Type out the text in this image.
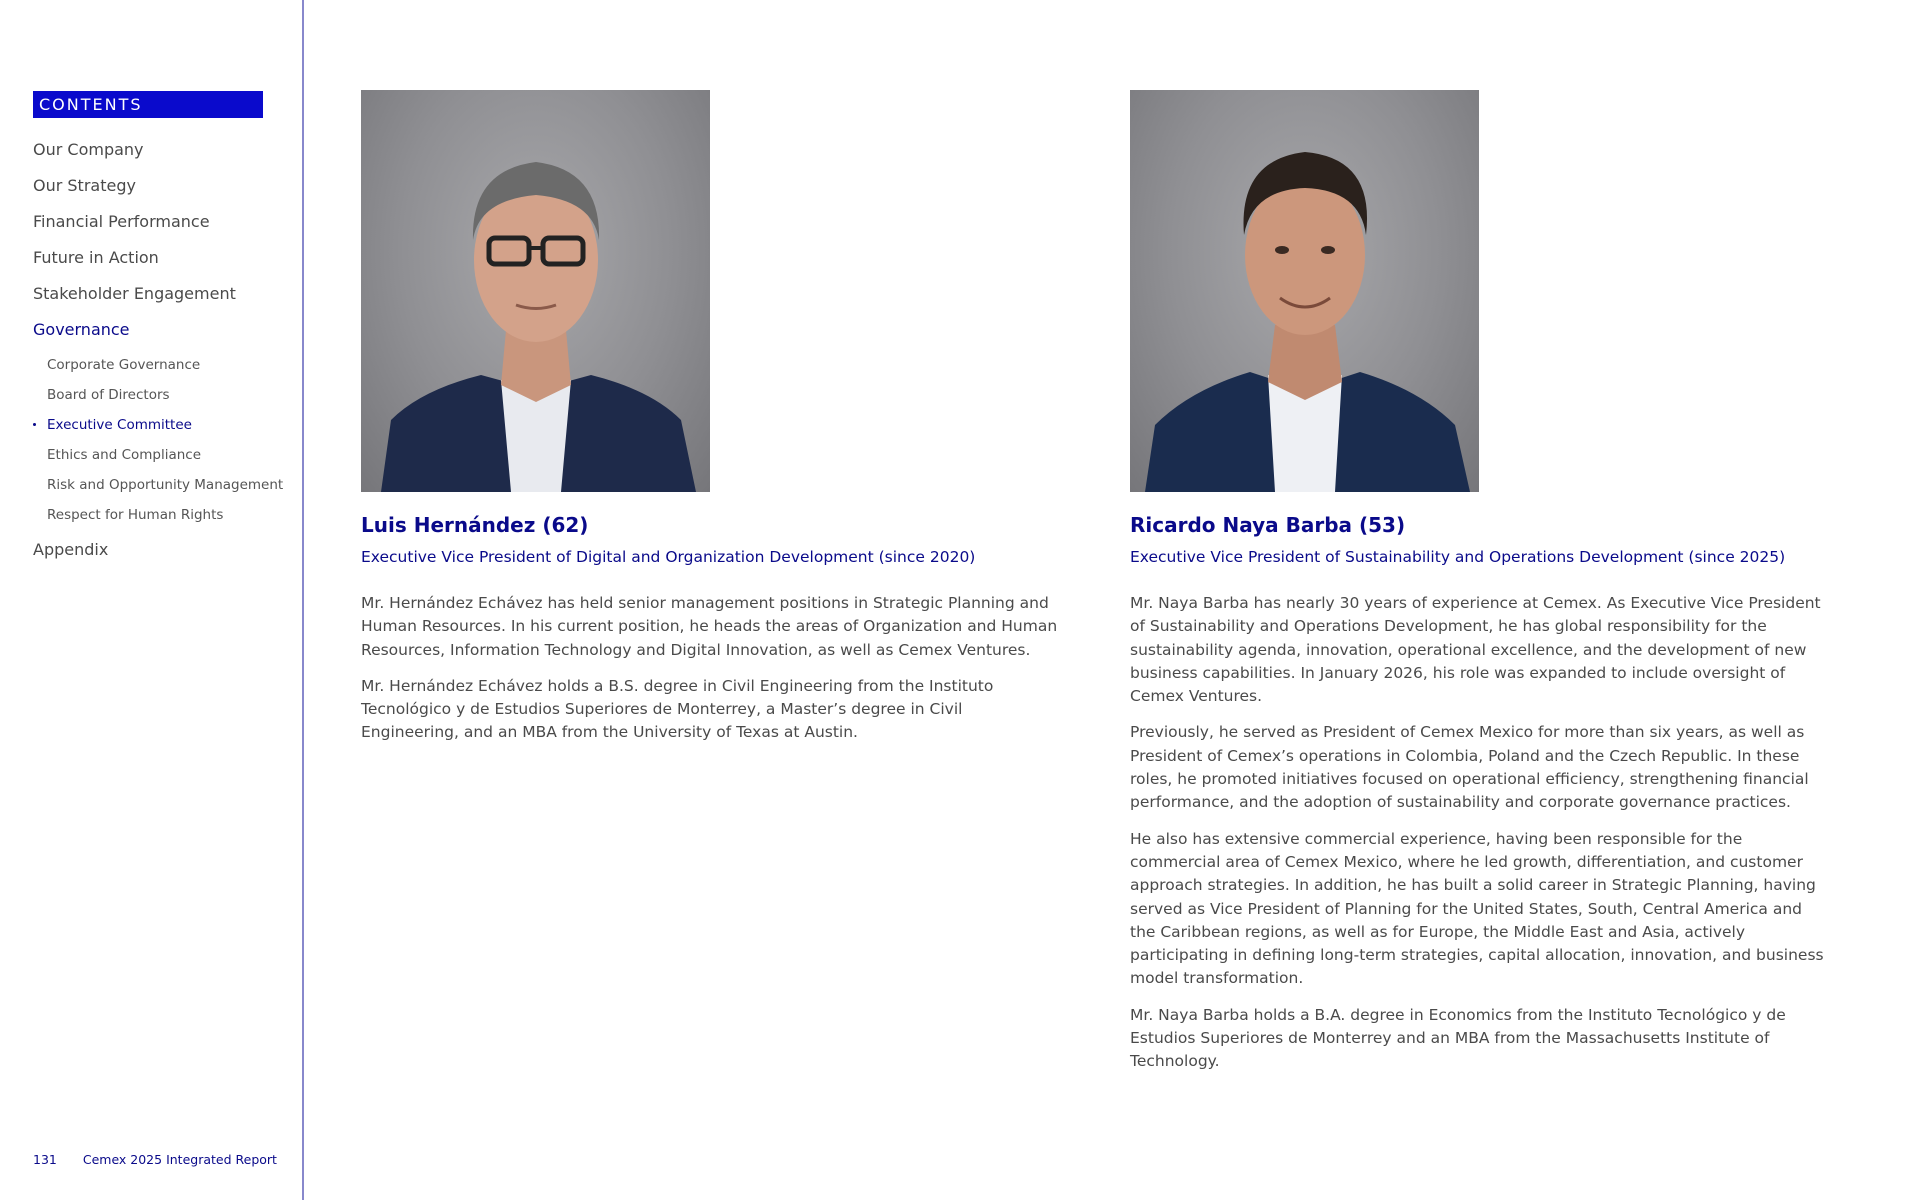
CONTENTS
Our Company
Our Strategy
Financial Performance
Future in Action
Stakeholder Engagement
Governance
Corporate Governance
Board of Directors
Executive Committee
Ethics and Compliance
Risk and Opportunity Management
Respect for Human Rights
Appendix
131 Cemex 2025 Integrated Report
Luis Hernández (62)
Executive Vice President of Digital and Organization Development (since 2020)

Mr. Hernández Echávez has held senior management positions in Strategic Planning and Human Resources. In his current position, he heads the areas of Organization and Human Resources, Information Technology and Digital Innovation, as well as Cemex Ventures.

Mr. Hernández Echávez holds a B.S. degree in Civil Engineering from the Instituto Tecnológico y de Estudios Superiores de Monterrey, a Master’s degree in Civil Engineering, and an MBA from the University of Texas at Austin.

Ricardo Naya Barba (53)
Executive Vice President of Sustainability and Operations Development (since 2025)

Mr. Naya Barba has nearly 30 years of experience at Cemex. As Executive Vice President of Sustainability and Operations Development, he has global responsibility for the sustainability agenda, innovation, operational excellence, and the development of new business capabilities. In January 2026, his role was expanded to include oversight of Cemex Ventures.

Previously, he served as President of Cemex Mexico for more than six years, as well as President of Cemex’s operations in Colombia, Poland and the Czech Republic. In these roles, he promoted initiatives focused on operational efficiency, strengthening financial performance, and the adoption of sustainability and corporate governance practices.

He also has extensive commercial experience, having been responsible for the commercial area of Cemex Mexico, where he led growth, differentiation, and customer approach strategies. In addition, he has built a solid career in Strategic Planning, having served as Vice President of Planning for the United States, South, Central America and the Caribbean regions, as well as for Europe, the Middle East and Asia, actively participating in defining long-term strategies, capital allocation, innovation, and business model transformation.

Mr. Naya Barba holds a B.A. degree in Economics from the Instituto Tecnológico y de Estudios Superiores de Monterrey and an MBA from the Massachusetts Institute of Technology.
